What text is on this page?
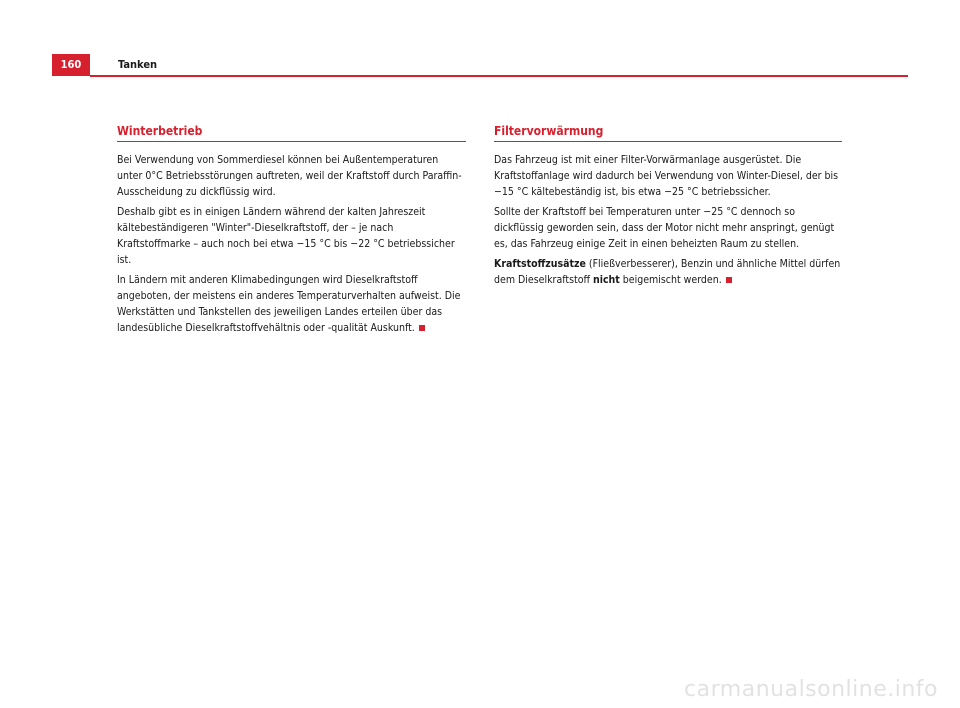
160	Tanken
Winterbetrieb

Bei Verwendung von Sommerdiesel können bei Außentemperaturen unter 0°C Betriebsstörungen auftreten, weil der Kraftstoff durch Paraffin-Ausscheidung zu dickflüssig wird.

Deshalb gibt es in einigen Ländern während der kalten Jahreszeit kältebeständigeren "Winter"-Dieselkraftstoff, der – je nach Kraftstoffmarke – auch noch bei etwa −15 °C bis −22 °C betriebssicher ist.

In Ländern mit anderen Klimabedingungen wird Dieselkraftstoff angeboten, der meistens ein anderes Temperaturverhalten aufweist. Die Werkstätten und Tankstellen des jeweiligen Landes erteilen über das landesübliche Dieselkraftstoffvehältnis oder -qualität Auskunft.

Filtervorwärmung

Das Fahrzeug ist mit einer Filter-Vorwärmanlage ausgerüstet. Die Kraftstoffanlage wird dadurch bei Verwendung von Winter-Diesel, der bis −15 °C kältebeständig ist, bis etwa −25 °C betriebssicher.

Sollte der Kraftstoff bei Temperaturen unter −25 °C dennoch so dickflüssig geworden sein, dass der Motor nicht mehr anspringt, genügt es, das Fahrzeug einige Zeit in einen beheizten Raum zu stellen.

Kraftstoffzusätze (Fließverbesserer), Benzin und ähnliche Mittel dürfen dem Dieselkraftstoff nicht beigemischt werden.

carmanualsonline.info
